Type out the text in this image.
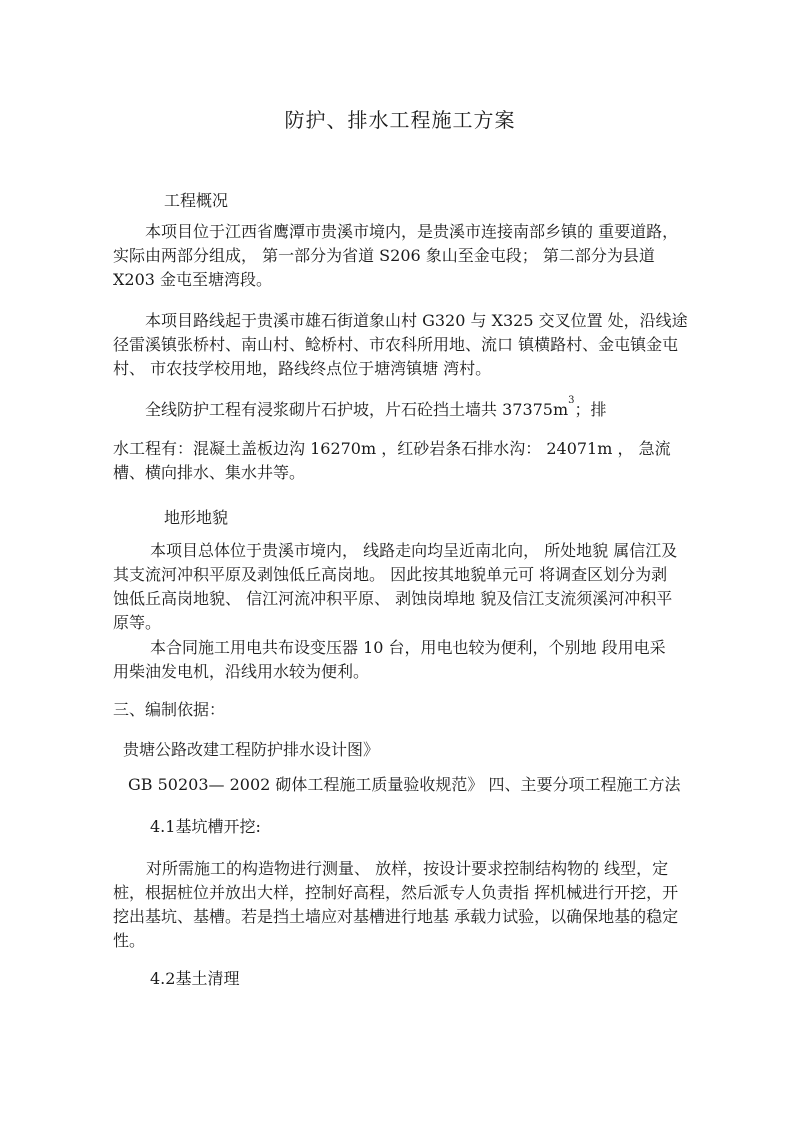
防护、排水工程施工方案
工程概况
本项目位于江西省鹰潭市贵溪市境内，是贵溪市连接南部乡镇的 重要道路，
实际由两部分组成， 第一部分为省道 S206 象山至金屯段； 第二部分为县道
X203 金屯至塘湾段。
本项目路线起于贵溪市雄石街道象山村 G320 与 X325 交叉位置 处，沿线途
径雷溪镇张桥村、南山村、鲶桥村、市农科所用地、流口 镇横路村、金屯镇金屯
村、 市农技学校用地，路线终点位于塘湾镇塘 湾村。
全线防护工程有浸浆砌片石护坡，片石砼挡土墙共 $37375m^3$；排
水工程有：混凝土盖板边沟 16270m ，红砂岩条石排水沟： 24071m ， 急流
槽、横向排水、集水井等。
地形地貌
本项目总体位于贵溪市境内， 线路走向均呈近南北向， 所处地貌 属信江及
其支流河冲积平原及剥蚀低丘高岗地。 因此按其地貌单元可 将调查区划分为剥
蚀低丘高岗地貌、 信江河流冲积平原、 剥蚀岗埠地 貌及信江支流须溪河冲积平
原等。
本合同施工用电共布设变压器 10 台，用电也较为便利，个别地 段用电采
用柴油发电机，沿线用水较为便利。
三、编制依据：
贵塘公路改建工程防护排水设计图》
GB 50203— 2002 砌体工程施工质量验收规范》 四、主要分项工程施工方法
4.1基坑槽开挖:
对所需施工的构造物进行测量、 放样，按设计要求控制结构物的 线型，定
桩，根据桩位并放出大样，控制好高程，然后派专人负责指 挥机械进行开挖，开
挖出基坑、基槽。若是挡土墙应对基槽进行地基 承载力试验，以确保地基的稳定
性。
4.2基土清理
